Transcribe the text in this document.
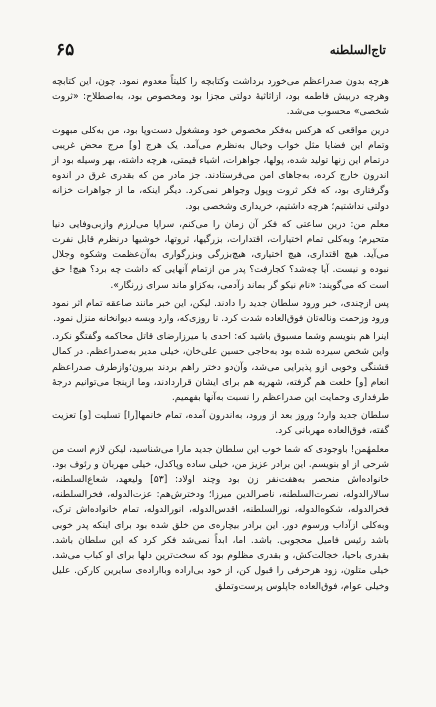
تاج‌السلطنه
۶۵

هرچه بدون صدراعظم می‌خورد برداشت وکتابچه را کلیتاً معدوم نمود. چون، این کتابچه وهرچه دربیش فاطمه بود، ازاثاثیهٔ دولتی مجزا بود ومخصوص بود، به‌اصطلاح: «ثروت شخصی» محسوب می‌شد.

درین مواقعی که هرکس به‌فکر مخصوص خود ومشغول دست‌وپا بود، من به‌کلی مبهوت وتمام این فضایا مثل خواب وخیال به‌نظرم می‌آمد. یک هرج [و] مرج محض غریبی درتمام این زنها تولید شده، پولها، جواهرات، اشیاء قیمتی، هرچه داشته، بهر وسیله بود از اندرون خارج کرده، به‌جاهای امن می‌فرستادند. جز مادر من که بقدری غرق در اندوه وگرفتاری بود، که فکر ثروت وپول وجواهر نمی‌کرد. دیگر اینکه، ما از جواهرات خزانه دولتی نداشتیم؛ هرچه داشتیم، خریداری وشخصی بود.

معلم من: درین ساعتی که فکر آن زمان را می‌کنم، سراپا می‌لرزم وازبی‌وفایی دنیا متحیرم؛ وبه‌کلی تمام اختیارات، اقتدارات، بزرگیها، ثروتها، خوشیها درنظرم قابل نفرت می‌آید. هیچ اقتداری، هیچ اختیاری، هیچ‌بزرگی وبزرگواری به‌آن‌عظمت وشکوه وجلال نبوده و نیست. آیا چه‌شد؟ کجارفت؟ پدر من ازتمام آنهایی که داشت چه برد؟ هیچ! حق است که می‌گویند: «نام نیکو گر بماند زآدمی، به‌کزاو ماند سرای زرنگار».

پس ازچندی، خبر ورود سلطان جدید را دادند. لیکن، این خبر مانند صاعقه تمام اثر نمود ورود وزحمت وناله‌تان فوق‌العاده شدت کرد. تا روزی‌که، وارد وبسه دیوانخانه منزل نمود.

اینرا هم بنویسم وشما مسبوق باشید که: احدی با میرزارضای قاتل محاکمه وگفتگو نکرد. واین شخص سیرده شده بود به‌حاجی حسین علی‌خان، خیلی مدیر به‌صدراعظم. در کمال قشنگی وخوبی ازو پذیرایی می‌شد، وآن‌دو دختر راهم بردند بیرون؛وازطرف صدراعظم انعام [و] خلعت هم گرفته، شهریه هم برای ایشان قراردادند، وما ازینجا می‌توانیم درجهٔ طرفداری وحمایت این صدراعظم را نسبت به‌آنها بفهمیم.

سلطان جدید وارد؛ وروز بعد از ورود، به‌اندرون آمده، تمام خانمها[را] تسلیت [و] تعزیت گفته، فوق‌العاده مهربانی کرد.

معلمهٔمن! باوجودی که شما خوب این سلطان جدید مارا می‌شناسید، لیکن لازم است من شرحی از او بنویسم. این برادر عزیز من، خیلی ساده وپاکدل، خیلی مهربان و رئوف بود. خانواده‌اش منحصر به‌هفت‌نفر زن بود وچند اولاد: [۵۳] ولیعهد، شعاع‌السلطنه، سالارالدوله، نصرت‌السلطنه، ناصرالدین میرزا؛ ودخترش‌هم: عزت‌الدوله، فخرالسلطنه، فخرالدوله، شکوه‌الدوله، نورالسلطنه، اقدس‌الدوله، انورالدوله، تمام خانواده‌اش ترک، وبه‌کلی ازآداب ورسوم دور. این برادر بیچاره‌ی من خلق شده بود برای اینکه پدر خوبی باشد رئیس فامیل محجوبی. باشد. اما، ابداً نمی‌شد فکر کرد که این سلطان باشد. بقدری باحیا، خجالت‌کش، و بقدری مظلوم بود که سخت‌ترین دلها برای او کباب می‌شد. خیلی متلون، زود هرحرفی را قبول کن، از خود بی‌اراده وبااراده‌ی سایرین کارکن. علیل وخیلی عوام، فوق‌العاده جاپلوس پرست‌وتملق
